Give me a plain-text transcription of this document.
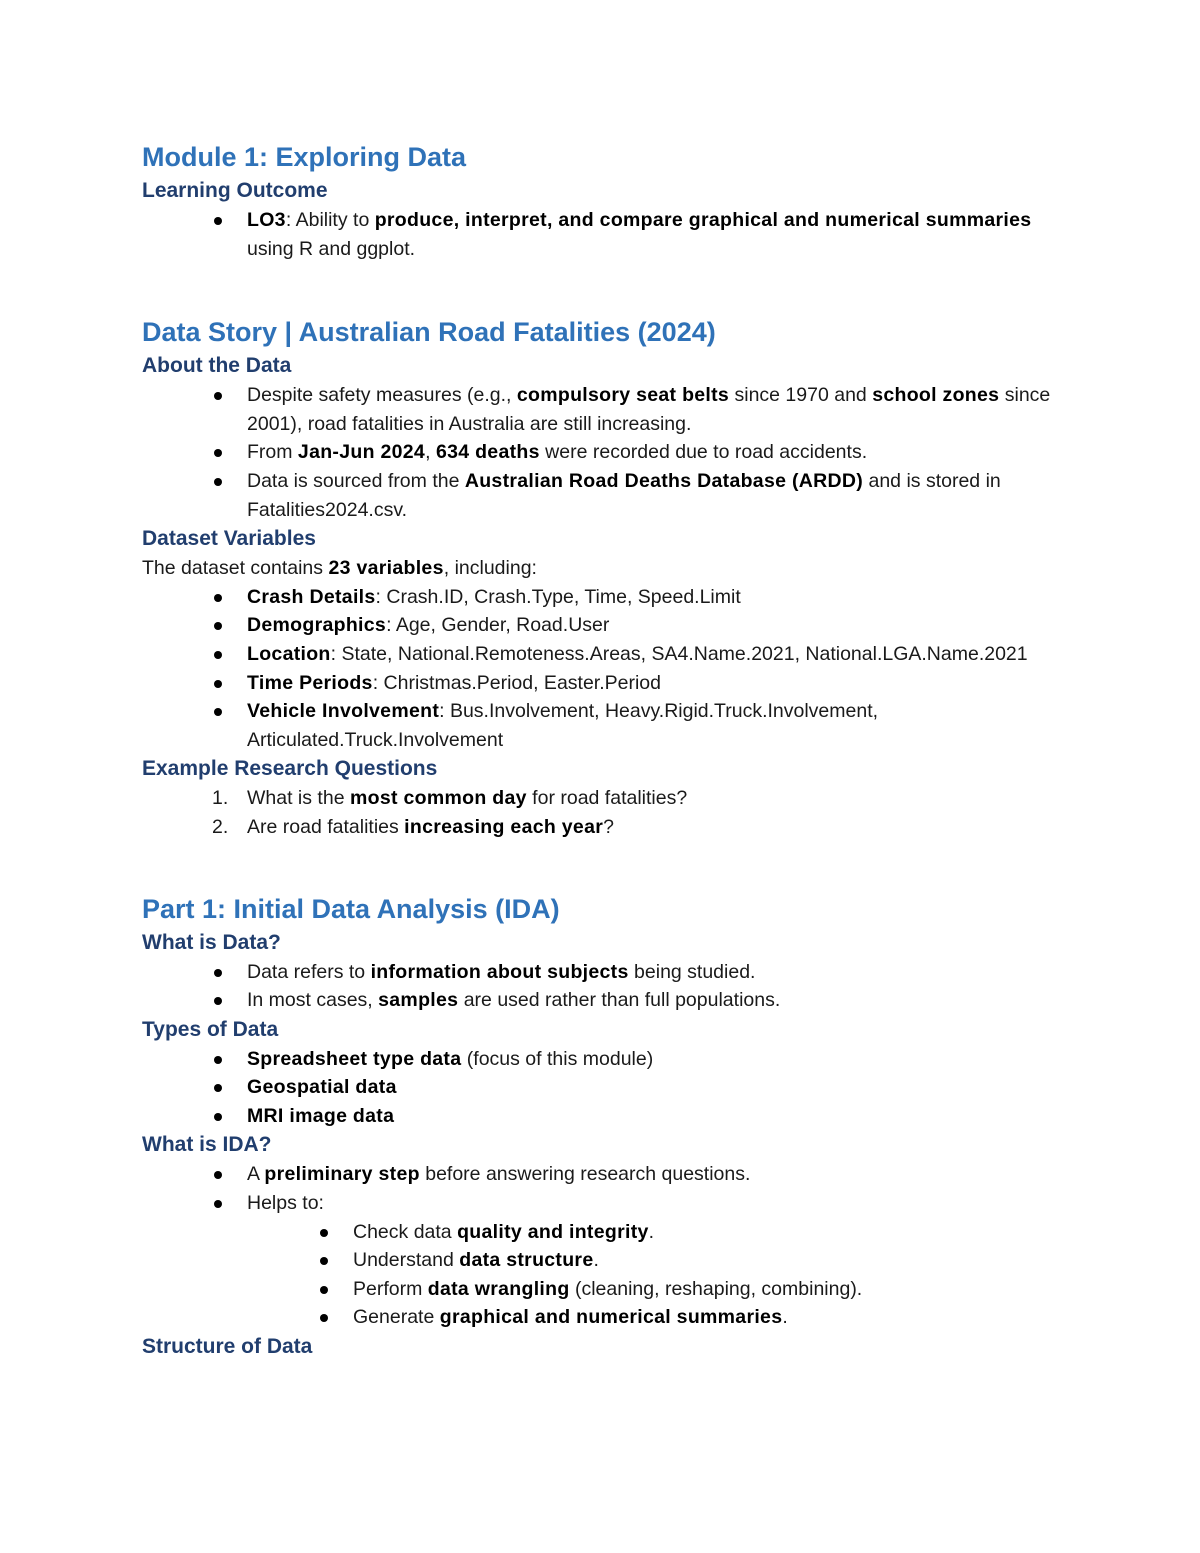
Module 1: Exploring Data
Learning Outcome
LO3: Ability to produce, interpret, and compare graphical and numerical summaries using R and ggplot.
Data Story | Australian Road Fatalities (2024)
About the Data
Despite safety measures (e.g., compulsory seat belts since 1970 and school zones since 2001), road fatalities in Australia are still increasing.
From Jan-Jun 2024, 634 deaths were recorded due to road accidents.
Data is sourced from the Australian Road Deaths Database (ARDD) and is stored in Fatalities2024.csv.
Dataset Variables

The dataset contains 23 variables, including:

Crash Details: Crash.ID, Crash.Type, Time, Speed.Limit
Demographics: Age, Gender, Road.User
Location: State, National.Remoteness.Areas, SA4.Name.2021, National.LGA.Name.2021
Time Periods: Christmas.Period, Easter.Period
Vehicle Involvement: Bus.Involvement, Heavy.Rigid.Truck.Involvement, Articulated.Truck.Involvement
Example Research Questions
1. What is the most common day for road fatalities?
2. Are road fatalities increasing each year?
Part 1: Initial Data Analysis (IDA)
What is Data?
Data refers to information about subjects being studied.
In most cases, samples are used rather than full populations.
Types of Data
Spreadsheet type data (focus of this module)
Geospatial data
MRI image data
What is IDA?
A preliminary step before answering research questions.
Helps to:
Check data quality and integrity.
Understand data structure.
Perform data wrangling (cleaning, reshaping, combining).
Generate graphical and numerical summaries.
Structure of Data
